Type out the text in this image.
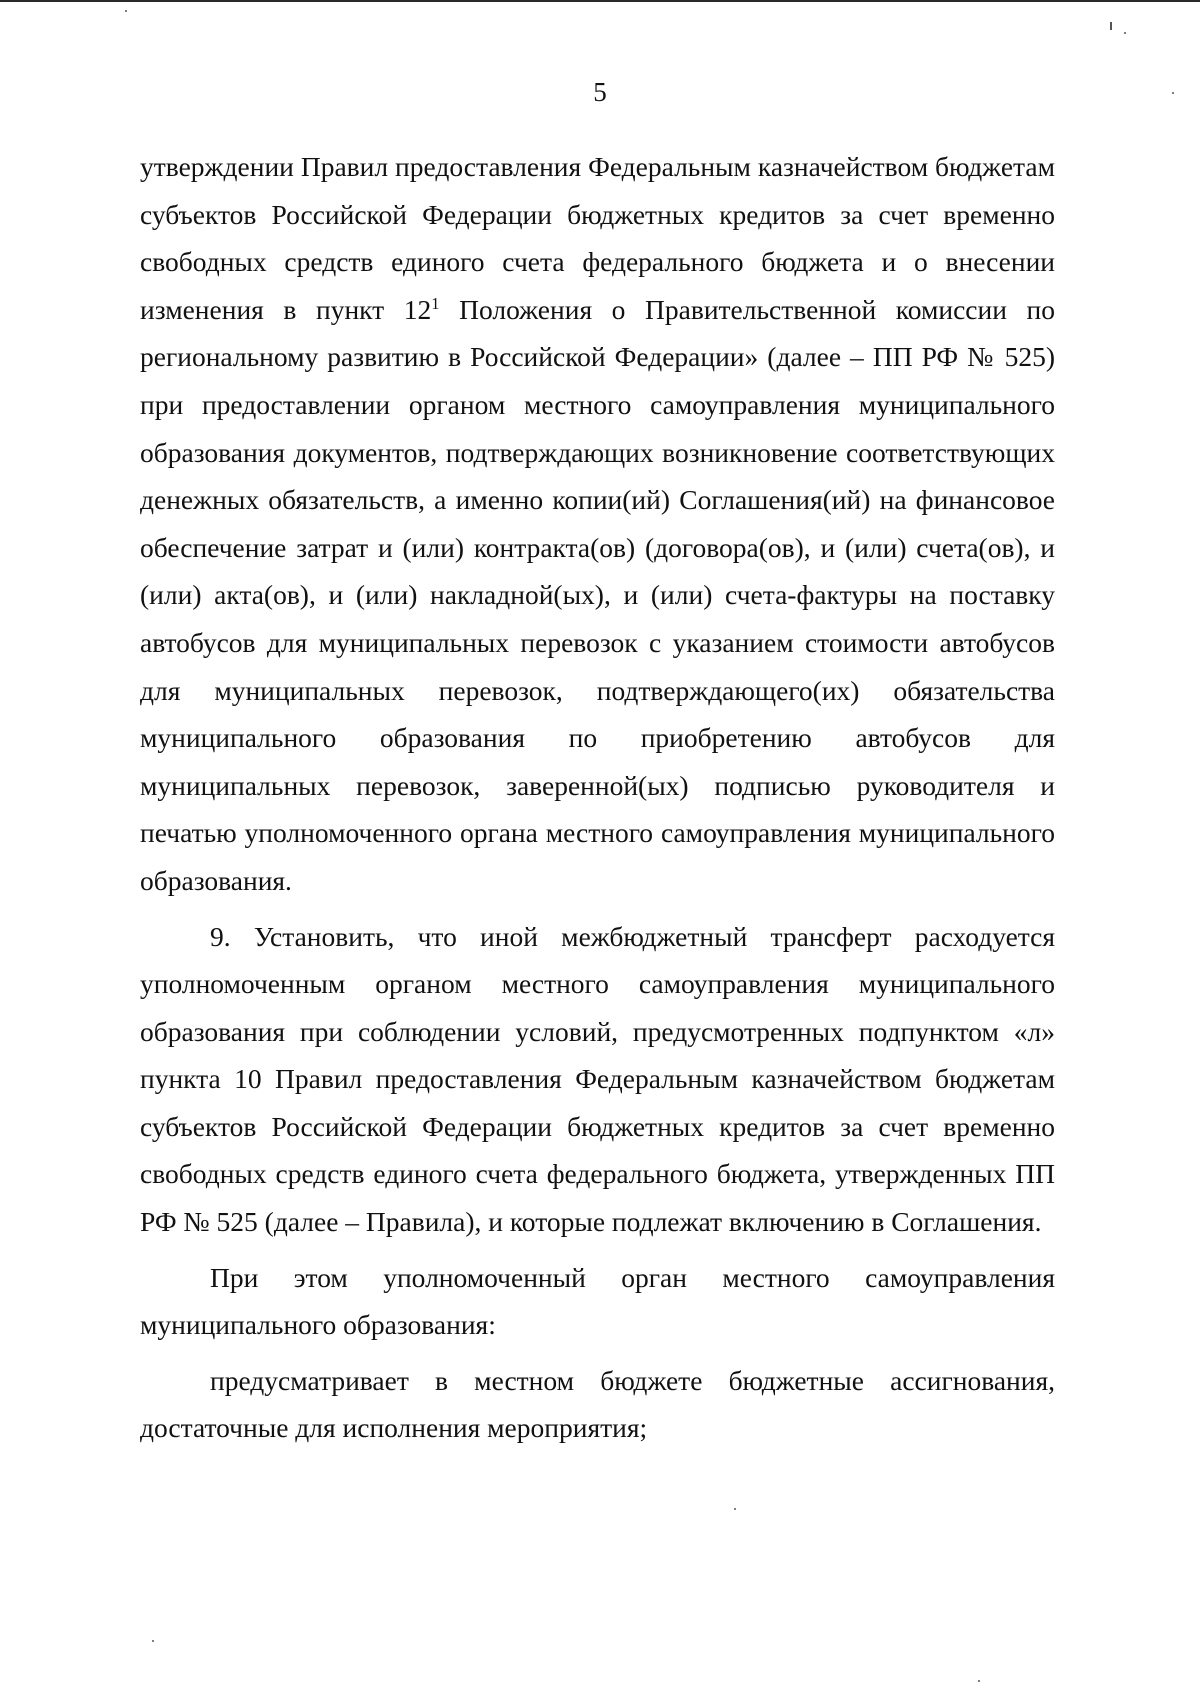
5

утверждении Правил предоставления Федеральным казначейством бюджетам субъектов Российской Федерации бюджетных кредитов за счет временно свободных средств единого счета федерального бюджета и о внесении изменения в пункт $12^1$ Положения о Правительственной комиссии по региональному развитию в Российской Федерации» (далее – ПП РФ № 525) при предоставлении органом местного самоуправления муниципального образования документов, подтверждающих возникновение соответствующих денежных обязательств, а именно копии(ий) Соглашения(ий) на финансовое обеспечение затрат и (или) контракта(ов) (договора(ов), и (или) счета(ов), и (или) акта(ов), и (или) накладной(ых), и (или) счета-фактуры на поставку автобусов для муниципальных перевозок с указанием стоимости автобусов для муниципальных перевозок, подтверждающего(их) обязательства муниципального образования по приобретению автобусов для муниципальных перевозок, заверенной(ых) подписью руководителя и печатью уполномоченного органа местного самоуправления муниципального образования.

9. Установить, что иной межбюджетный трансферт расходуется уполномоченным органом местного самоуправления муниципального образования при соблюдении условий, предусмотренных подпунктом «л» пункта 10 Правил предоставления Федеральным казначейством бюджетам субъектов Российской Федерации бюджетных кредитов за счет временно свободных средств единого счета федерального бюджета, утвержденных ПП РФ № 525 (далее – Правила), и которые подлежат включению в Соглашения.

При этом уполномоченный орган местного самоуправления муниципального образования:

предусматривает в местном бюджете бюджетные ассигнования, достаточные для исполнения мероприятия;
